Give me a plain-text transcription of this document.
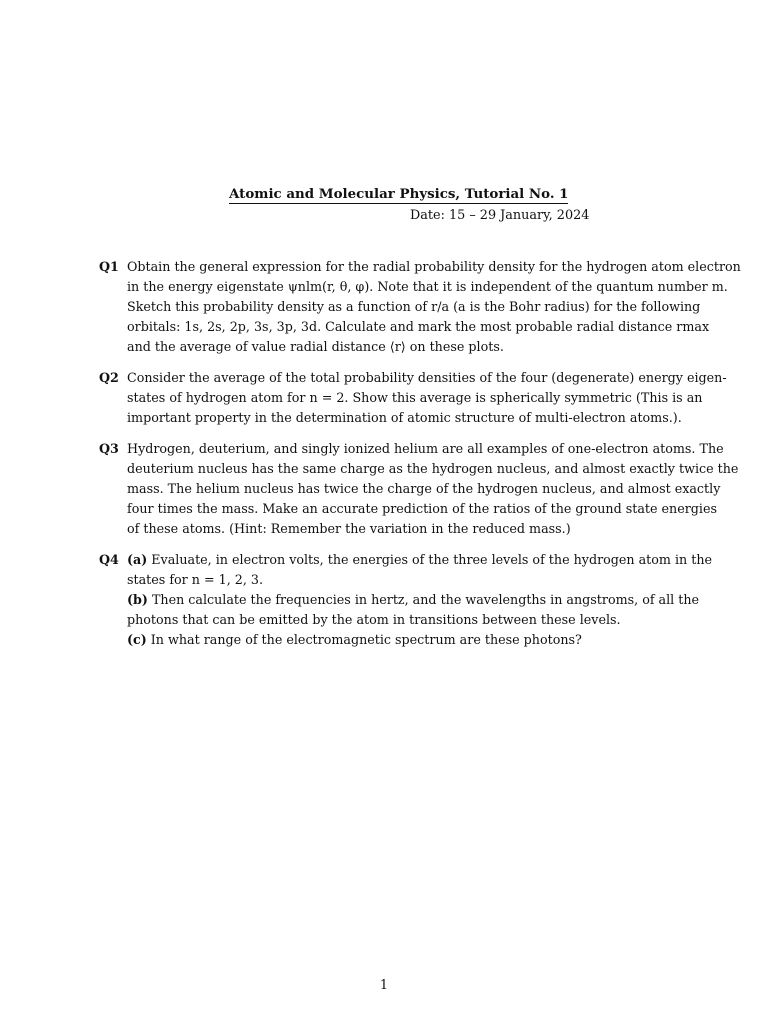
Atomic and Molecular Physics, Tutorial No. 1
Date: 15 – 29 January, 2024
Q1 Obtain the general expression for the radial probability density for the hydrogen atom electron
in the energy eigenstate ψnlm(r, θ, φ). Note that it is independent of the quantum number m.
Sketch this probability density as a function of r/a (a is the Bohr radius) for the following
orbitals: 1s, 2s, 2p, 3s, 3p, 3d. Calculate and mark the most probable radial distance rmax
and the average of value radial distance ⟨r⟩ on these plots.
Q2 Consider the average of the total probability densities of the four (degenerate) energy eigen-
states of hydrogen atom for n = 2. Show this average is spherically symmetric (This is an
important property in the determination of atomic structure of multi-electron atoms.).
Q3 Hydrogen, deuterium, and singly ionized helium are all examples of one-electron atoms. The
deuterium nucleus has the same charge as the hydrogen nucleus, and almost exactly twice the
mass. The helium nucleus has twice the charge of the hydrogen nucleus, and almost exactly
four times the mass. Make an accurate prediction of the ratios of the ground state energies
of these atoms. (Hint: Remember the variation in the reduced mass.)
Q4 (a) Evaluate, in electron volts, the energies of the three levels of the hydrogen atom in the
states for n = 1, 2, 3.
(b) Then calculate the frequencies in hertz, and the wavelengths in angstroms, of all the
photons that can be emitted by the atom in transitions between these levels.
(c) In what range of the electromagnetic spectrum are these photons?
1
